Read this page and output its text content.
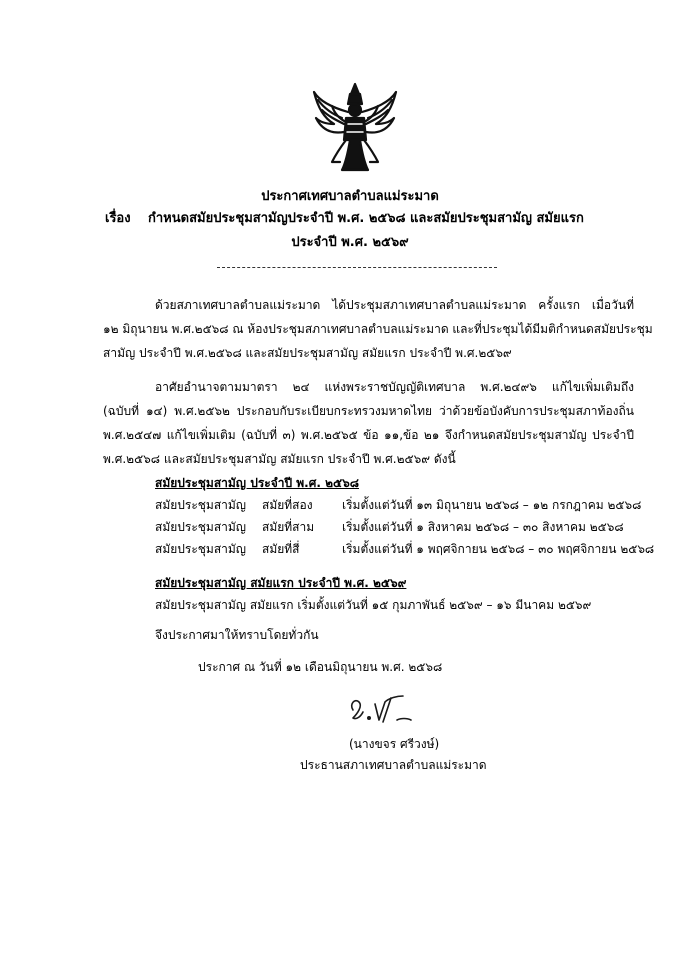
ประกาศเทศบาลตำบลแม่ระมาด
เรื่อง กำหนดสมัยประชุมสามัญประจำปี พ.ศ. ๒๕๖๘ และสมัยประชุมสามัญ สมัยแรก
ประจำปี พ.ศ. ๒๕๖๙
ด้วยสภาเทศบาลตำบลแม่ระมาด ได้ประชุมสภาเทศบาลตำบลแม่ระมาด ครั้งแรก เมื่อวันที่
๑๒ มิถุนายน พ.ศ.๒๕๖๘ ณ ห้องประชุมสภาเทศบาลตำบลแม่ระมาด และที่ประชุมได้มีมติกำหนดสมัยประชุม
สามัญ ประจำปี พ.ศ.๒๕๖๘ และสมัยประชุมสามัญ สมัยแรก ประจำปี พ.ศ.๒๕๖๙
อาศัยอำนาจตามมาตรา ๒๔ แห่งพระราชบัญญัติเทศบาล พ.ศ.๒๔๙๖ แก้ไขเพิ่มเติมถึง
(ฉบับที่ ๑๔) พ.ศ.๒๕๖๒ ประกอบกับระเบียบกระทรวงมหาดไทย ว่าด้วยข้อบังคับการประชุมสภาท้องถิ่น
พ.ศ.๒๕๔๗ แก้ไขเพิ่มเติม (ฉบับที่ ๓) พ.ศ.๒๕๖๕ ข้อ ๑๑,ข้อ ๒๑ จึงกำหนดสมัยประชุมสามัญ ประจำปี
พ.ศ.๒๕๖๘ และสมัยประชุมสามัญ สมัยแรก ประจำปี พ.ศ.๒๕๖๙ ดังนี้
สมัยประชุมสามัญ ประจำปี พ.ศ. ๒๕๖๘
สมัยประชุมสามัญ สมัยที่สอง เริ่มตั้งแต่วันที่ ๑๓ มิถุนายน ๒๕๖๘ – ๑๒ กรกฎาคม ๒๕๖๘
สมัยประชุมสามัญ สมัยที่สาม เริ่มตั้งแต่วันที่ ๑ สิงหาคม ๒๕๖๘ – ๓๐ สิงหาคม ๒๕๖๘
สมัยประชุมสามัญ สมัยที่สี่	เริ่มตั้งแต่วันที่ ๑ พฤศจิกายน ๒๕๖๘ – ๓๐ พฤศจิกายน ๒๕๖๘
สมัยประชุมสามัญ สมัยแรก ประจำปี พ.ศ. ๒๕๖๙
สมัยประชุมสามัญ สมัยแรก เริ่มตั้งแต่วันที่ ๑๕ กุมภาพันธ์ ๒๕๖๙ – ๑๖ มีนาคม ๒๕๖๙
จึงประกาศมาให้ทราบโดยทั่วกัน
ประกาศ ณ วันที่ ๑๒ เดือนมิถุนายน พ.ศ. ๒๕๖๘
(นางขจร ศรีวงษ์)
ประธานสภาเทศบาลตำบลแม่ระมาด
